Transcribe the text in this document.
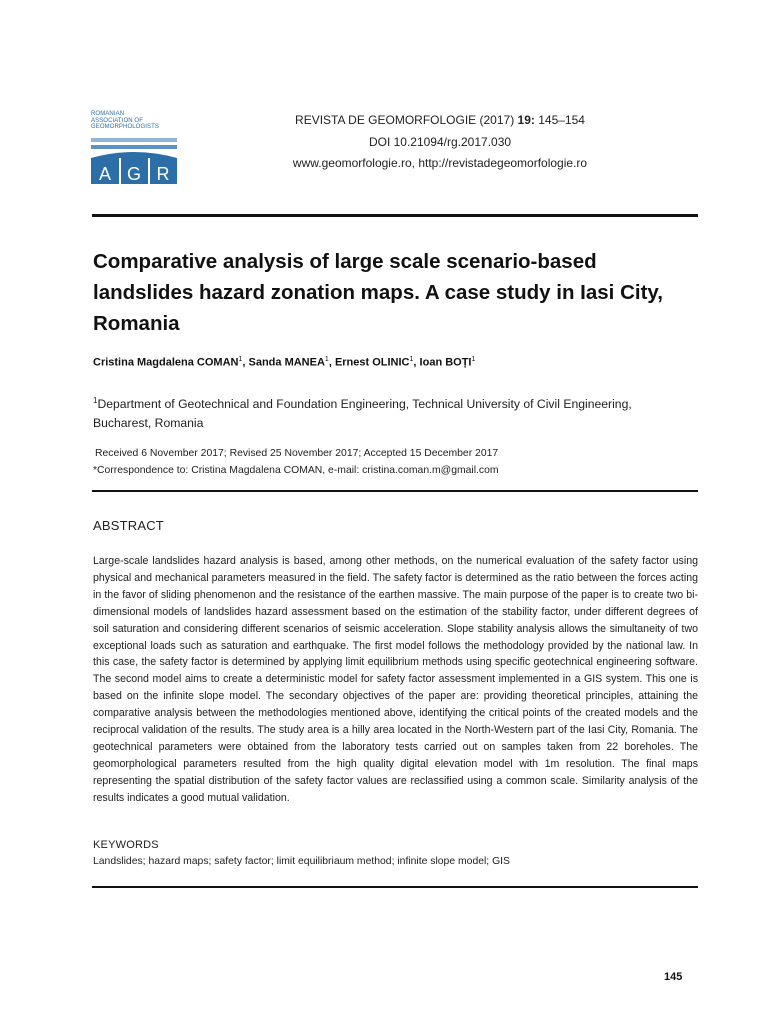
ROMANIAN
ASSOCIATION OF
GEOMORPHOLOGISTS
A G R
REVISTA DE GEOMORFOLOGIE (2017) 19: 145–154
DOI 10.21094/rg.2017.030
www.geomorfologie.ro, http://revistadegeomorfologie.ro
Comparative analysis of large scale scenario-based landslides hazard zonation maps. A case study in Iasi City, Romania
Cristina Magdalena COMAN$^1$, Sanda MANEA$^1$, Ernest OLINIC$^1$, Ioan BOȚI$^1$
$^1$Department of Geotechnical and Foundation Engineering, Technical University of Civil Engineering, Bucharest, Romania
Received 6 November 2017; Revised 25 November 2017; Accepted 15 December 2017
*Correspondence to: Cristina Magdalena COMAN, e-mail: cristina.coman.m@gmail.com
ABSTRACT
Large-scale landslides hazard analysis is based, among other methods, on the numerical evaluation of the safety factor using physical and mechanical parameters measured in the field. The safety factor is determined as the ratio between the forces acting in the favor of sliding phenomenon and the resistance of the earthen massive. The main purpose of the paper is to create two bi-dimensional models of landslides hazard assessment based on the estimation of the stability factor, under different degrees of soil saturation and considering different scenarios of seismic acceleration. Slope stability analysis allows the simultaneity of two exceptional loads such as saturation and earthquake. The first model follows the methodology provided by the national law. In this case, the safety factor is determined by applying limit equilibrium methods using specific geotechnical engineering software. The second model aims to create a deterministic model for safety factor assessment implemented in a GIS system. This one is based on the infinite slope model. The secondary objectives of the paper are: providing theoretical principles, attaining the comparative analysis between the methodologies mentioned above, identifying the critical points of the created models and the reciprocal validation of the results. The study area is a hilly area located in the North-Western part of the Iasi City, Romania. The geotechnical parameters were obtained from the laboratory tests carried out on samples taken from 22 boreholes. The geomorphological parameters resulted from the high quality digital elevation model with 1m resolution. The final maps representing the spatial distribution of the safety factor values are reclassified using a common scale. Similarity analysis of the results indicates a good mutual validation.
KEYWORDS
Landslides; hazard maps; safety factor; limit equilibriaum method; infinite slope model; GIS
145
